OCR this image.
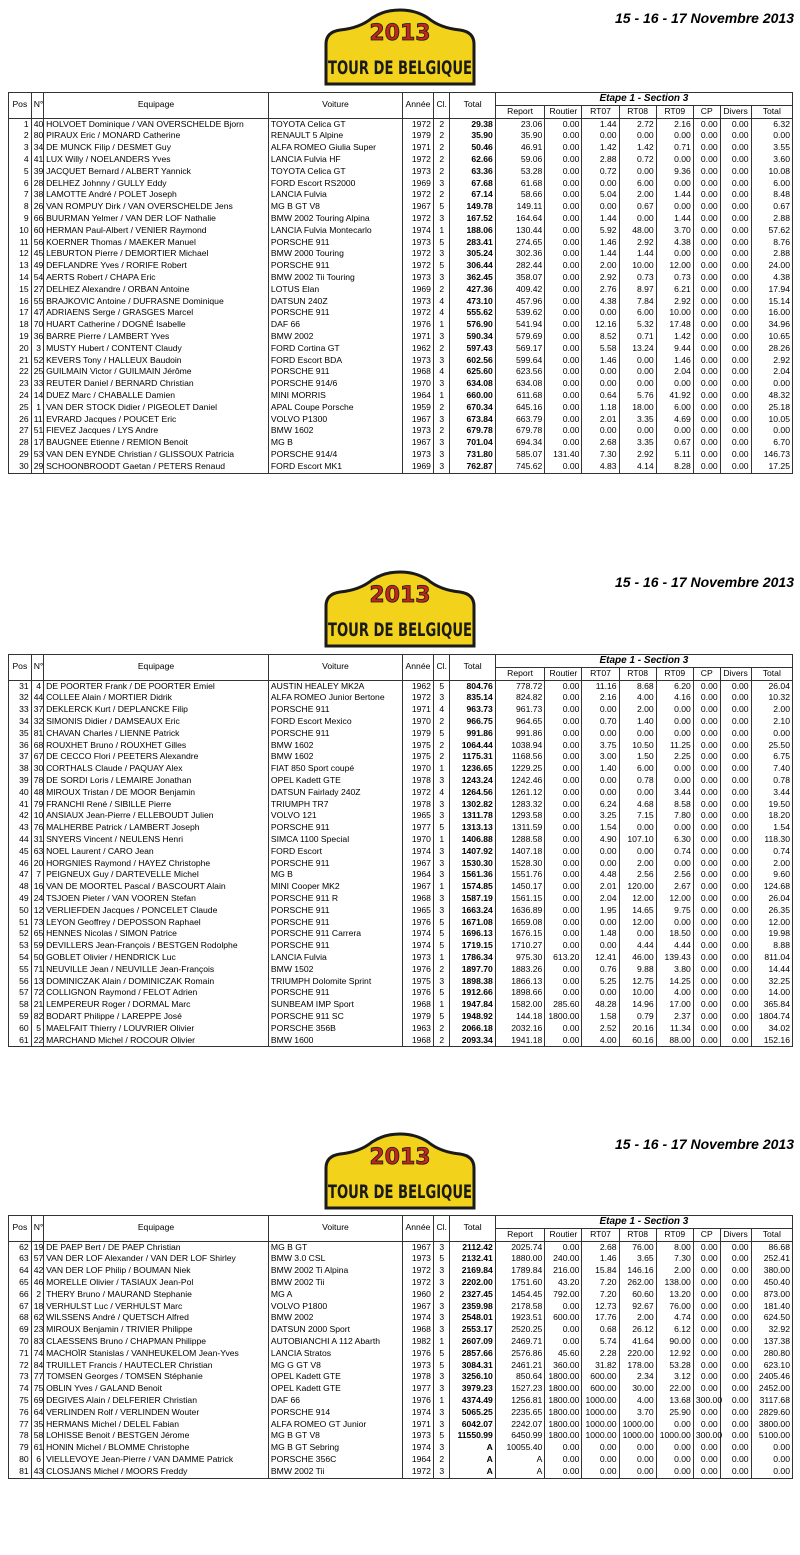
2013
TOUR DE BELGIQUE
15 - 16 - 17 Novembre 2013
Pos	N°	Equipage	Voiture	Année	Cl.	Total	Etape 1 - Section 3							
							Report	Routier	RT07	RT08	RT09	CP	Divers	Total
1	40	HOLVOET Dominique / VAN OVERSCHELDE Bjorn	TOYOTA Celica GT	1972	2	29.38	23.06	0.00	1.44	2.72	2.16	0.00	0.00	6.32
2	80	PIRAUX Eric / MONARD Catherine	RENAULT 5 Alpine	1979	2	35.90	35.90	0.00	0.00	0.00	0.00	0.00	0.00	0.00
3	34	DE MUNCK Filip / DESMET Guy	ALFA ROMEO Giulia Super	1971	2	50.46	46.91	0.00	1.42	1.42	0.71	0.00	0.00	3.55
4	41	LUX Willy / NOELANDERS Yves	LANCIA Fulvia HF	1972	2	62.66	59.06	0.00	2.88	0.72	0.00	0.00	0.00	3.60
5	39	JACQUET Bernard / ALBERT Yannick	TOYOTA Celica GT	1973	2	63.36	53.28	0.00	0.72	0.00	9.36	0.00	0.00	10.08
6	28	DELHEZ Johnny / GULLY Eddy	FORD Escort RS2000	1969	3	67.68	61.68	0.00	0.00	6.00	0.00	0.00	0.00	6.00
7	38	LAMOTTE André / POLET Joseph	LANCIA Fulvia	1972	2	67.14	58.66	0.00	5.04	2.00	1.44	0.00	0.00	8.48
8	26	VAN ROMPUY Dirk / VAN OVERSCHELDE Jens	MG B GT V8	1967	5	149.78	149.11	0.00	0.00	0.67	0.00	0.00	0.00	0.67
9	66	BUURMAN Yelmer / VAN DER LOF Nathalie	BMW 2002 Touring Alpina	1972	3	167.52	164.64	0.00	1.44	0.00	1.44	0.00	0.00	2.88
10	60	HERMAN Paul-Albert / VENIER Raymond	LANCIA Fulvia Montecarlo	1974	1	188.06	130.44	0.00	5.92	48.00	3.70	0.00	0.00	57.62
11	56	KOERNER Thomas / MAEKER Manuel	PORSCHE 911	1973	5	283.41	274.65	0.00	1.46	2.92	4.38	0.00	0.00	8.76
12	45	LEBURTON Pierre / DEMORTIER Michael	BMW 2000 Touring	1972	3	305.24	302.36	0.00	1.44	1.44	0.00	0.00	0.00	2.88
13	49	DEFLANDRE Yves / RORIFE Robert	PORSCHE 911	1972	5	306.44	282.44	0.00	2.00	10.00	12.00	0.00	0.00	24.00
14	54	AERTS Robert / CHAPA Eric	BMW 2002 Tii Touring	1973	3	362.45	358.07	0.00	2.92	0.73	0.73	0.00	0.00	4.38
15	27	DELHEZ Alexandre / ORBAN Antoine	LOTUS Elan	1969	2	427.36	409.42	0.00	2.76	8.97	6.21	0.00	0.00	17.94
16	55	BRAJKOVIC Antoine / DUFRASNE Dominique	DATSUN 240Z	1973	4	473.10	457.96	0.00	4.38	7.84	2.92	0.00	0.00	15.14
17	47	ADRIAENS Serge / GRASGES Marcel	PORSCHE 911	1972	4	555.62	539.62	0.00	0.00	6.00	10.00	0.00	0.00	16.00
18	70	HUART Catherine / DOGNÉ Isabelle	DAF 66	1976	1	576.90	541.94	0.00	12.16	5.32	17.48	0.00	0.00	34.96
19	36	BARRE Pierre / LAMBERT Yves	BMW 2002	1971	3	590.34	579.69	0.00	8.52	0.71	1.42	0.00	0.00	10.65
20	3	MUSTY Hubert / CONTENT Claudy	FORD Cortina GT	1962	2	597.43	569.17	0.00	5.58	13.24	9.44	0.00	0.00	28.26
21	52	KEVERS Tony / HALLEUX Baudoin	FORD Escort BDA	1973	3	602.56	599.64	0.00	1.46	0.00	1.46	0.00	0.00	2.92
22	25	GUILMAIN Victor / GUILMAIN Jérôme	PORSCHE 911	1968	4	625.60	623.56	0.00	0.00	0.00	2.04	0.00	0.00	2.04
23	33	REUTER Daniel / BERNARD Christian	PORSCHE 914/6	1970	3	634.08	634.08	0.00	0.00	0.00	0.00	0.00	0.00	0.00
24	14	DUEZ Marc / CHABALLE Damien	MINI MORRIS	1964	1	660.00	611.68	0.00	0.64	5.76	41.92	0.00	0.00	48.32
25	1	VAN DER STOCK Didier / PIGEOLET Daniel	APAL Coupe Porsche	1959	2	670.34	645.16	0.00	1.18	18.00	6.00	0.00	0.00	25.18
26	11	EVRARD Jacques / POUCET Eric	VOLVO P1300	1967	3	673.84	663.79	0.00	2.01	3.35	4.69	0.00	0.00	10.05
27	51	FIEVEZ Jacques / LYS Andre	BMW 1602	1973	2	679.78	679.78	0.00	0.00	0.00	0.00	0.00	0.00	0.00
28	17	BAUGNEE Etienne / REMION Benoit	MG B	1967	3	701.04	694.34	0.00	2.68	3.35	0.67	0.00	0.00	6.70
29	53	VAN DEN EYNDE Christian / GLISSOUX Patricia	PORSCHE 914/4	1973	3	731.80	585.07	131.40	7.30	2.92	5.11	0.00	0.00	146.73
30	29	SCHOONBROODT Gaetan / PETERS Renaud	FORD Escort MK1	1969	3	762.87	745.62	0.00	4.83	4.14	8.28	0.00	0.00	17.25
2013
TOUR DE BELGIQUE
15 - 16 - 17 Novembre 2013
Pos	N°	Equipage	Voiture	Année	Cl.	Total	Etape 1 - Section 3							
							Report	Routier	RT07	RT08	RT09	CP	Divers	Total
31	4	DE POORTER Frank / DE POORTER Emiel	AUSTIN HEALEY MK2A	1962	5	804.76	778.72	0.00	11.16	8.68	6.20	0.00	0.00	26.04
32	44	COLLEE Alain / MORTIER Didrik	ALFA ROMEO Junior Bertone	1972	3	835.14	824.82	0.00	2.16	4.00	4.16	0.00	0.00	10.32
33	37	DEKLERCK Kurt / DEPLANCKE Filip	PORSCHE 911	1971	4	963.73	961.73	0.00	0.00	2.00	0.00	0.00	0.00	2.00
34	32	SIMONIS Didier / DAMSEAUX Eric	FORD Escort Mexico	1970	2	966.75	964.65	0.00	0.70	1.40	0.00	0.00	0.00	2.10
35	81	CHAVAN Charles / LIENNE Patrick	PORSCHE 911	1979	5	991.86	991.86	0.00	0.00	0.00	0.00	0.00	0.00	0.00
36	68	ROUXHET Bruno / ROUXHET Gilles	BMW 1602	1975	2	1064.44	1038.94	0.00	3.75	10.50	11.25	0.00	0.00	25.50
37	67	DE CECCO Flori / PEETERS Alexandre	BMW 1602	1975	2	1175.31	1168.56	0.00	3.00	1.50	2.25	0.00	0.00	6.75
38	30	CORTHALS Claude / PAQUAY Alex	FIAT 850 Sport coupé	1970	1	1236.65	1229.25	0.00	1.40	6.00	0.00	0.00	0.00	7.40
39	78	DE SORDI Loris / LEMAIRE Jonathan	OPEL Kadett GTE	1978	3	1243.24	1242.46	0.00	0.00	0.78	0.00	0.00	0.00	0.78
40	48	MIROUX Tristan / DE MOOR Benjamin	DATSUN Fairlady 240Z	1972	4	1264.56	1261.12	0.00	0.00	0.00	3.44	0.00	0.00	3.44
41	79	FRANCHI René / SIBILLE Pierre	TRIUMPH TR7	1978	3	1302.82	1283.32	0.00	6.24	4.68	8.58	0.00	0.00	19.50
42	10	ANSIAUX Jean-Pierre / ELLEBOUDT Julien	VOLVO 121	1965	3	1311.78	1293.58	0.00	3.25	7.15	7.80	0.00	0.00	18.20
43	76	MALHERBE Patrick / LAMBERT Joseph	PORSCHE 911	1977	5	1313.13	1311.59	0.00	1.54	0.00	0.00	0.00	0.00	1.54
44	31	SNYERS Vincent / NEULENS Henri	SIMCA 1100 Special	1970	1	1406.88	1288.58	0.00	4.90	107.10	6.30	0.00	0.00	118.30
45	63	NOEL Laurent / CARO Jean	FORD Escort	1974	3	1407.92	1407.18	0.00	0.00	0.00	0.74	0.00	0.00	0.74
46	20	HORGNIES Raymond / HAYEZ Christophe	PORSCHE 911	1967	3	1530.30	1528.30	0.00	0.00	2.00	0.00	0.00	0.00	2.00
47	7	PEIGNEUX Guy / DARTEVELLE Michel	MG B	1964	3	1561.36	1551.76	0.00	4.48	2.56	2.56	0.00	0.00	9.60
48	16	VAN DE MOORTEL Pascal / BASCOURT Alain	MINI Cooper MK2	1967	1	1574.85	1450.17	0.00	2.01	120.00	2.67	0.00	0.00	124.68
49	24	TSJOEN Pieter / VAN VOOREN Stefan	PORSCHE 911 R	1968	3	1587.19	1561.15	0.00	2.04	12.00	12.00	0.00	0.00	26.04
50	12	VERLIEFDEN Jacques / PONCELET Claude	PORSCHE 911	1965	3	1663.24	1636.89	0.00	1.95	14.65	9.75	0.00	0.00	26.35
51	73	LEYON Geoffrey / DEPOSSON Raphael	PORSCHE 911	1976	5	1671.08	1659.08	0.00	0.00	12.00	0.00	0.00	0.00	12.00
52	65	HENNES Nicolas / SIMON Patrice	PORSCHE 911 Carrera	1974	5	1696.13	1676.15	0.00	1.48	0.00	18.50	0.00	0.00	19.98
53	59	DEVILLERS Jean-François / BESTGEN Rodolphe	PORSCHE 911	1974	5	1719.15	1710.27	0.00	0.00	4.44	4.44	0.00	0.00	8.88
54	50	GOBLET Olivier / HENDRICK Luc	LANCIA Fulvia	1973	1	1786.34	975.30	613.20	12.41	46.00	139.43	0.00	0.00	811.04
55	71	NEUVILLE Jean / NEUVILLE Jean-François	BMW 1502	1976	2	1897.70	1883.26	0.00	0.76	9.88	3.80	0.00	0.00	14.44
56	13	DOMINICZAK Alain / DOMINICZAK Romain	TRIUMPH Dolomite Sprint	1975	3	1898.38	1866.13	0.00	5.25	12.75	14.25	0.00	0.00	32.25
57	72	COLLIGNON Raymond / FELOT Adrien	PORSCHE 911	1976	5	1912.66	1898.66	0.00	0.00	10.00	4.00	0.00	0.00	14.00
58	21	LEMPEREUR Roger / DORMAL Marc	SUNBEAM IMP Sport	1968	1	1947.84	1582.00	285.60	48.28	14.96	17.00	0.00	0.00	365.84
59	82	BODART Philippe / LAREPPE José	PORSCHE 911 SC	1979	5	1948.92	144.18	1800.00	1.58	0.79	2.37	0.00	0.00	1804.74
60	5	MAELFAIT Thierry / LOUVRIER Olivier	PORSCHE 356B	1963	2	2066.18	2032.16	0.00	2.52	20.16	11.34	0.00	0.00	34.02
61	22	MARCHAND Michel / ROCOUR Olivier	BMW 1600	1968	2	2093.34	1941.18	0.00	4.00	60.16	88.00	0.00	0.00	152.16
2013
TOUR DE BELGIQUE
15 - 16 - 17 Novembre 2013
Pos	N°	Equipage	Voiture	Année	Cl.	Total	Etape 1 - Section 3							
							Report	Routier	RT07	RT08	RT09	CP	Divers	Total
62	19	DE PAEP Bert / DE PAEP Christian	MG B GT	1967	3	2112.42	2025.74	0.00	2.68	76.00	8.00	0.00	0.00	86.68
63	57	VAN DER LOF Alexander / VAN DER LOF Shirley	BMW 3.0 CSL	1973	5	2132.41	1880.00	240.00	1.46	3.65	7.30	0.00	0.00	252.41
64	42	VAN DER LOF Philip / BOUMAN Niek	BMW 2002 Ti Alpina	1972	3	2169.84	1789.84	216.00	15.84	146.16	2.00	0.00	0.00	380.00
65	46	MORELLE Olivier / TASIAUX Jean-Pol	BMW 2002 Tii	1972	3	2202.00	1751.60	43.20	7.20	262.00	138.00	0.00	0.00	450.40
66	2	THERY Bruno / MAURAND Stephanie	MG A	1960	2	2327.45	1454.45	792.00	7.20	60.60	13.20	0.00	0.00	873.00
67	18	VERHULST Luc / VERHULST Marc	VOLVO P1800	1967	3	2359.98	2178.58	0.00	12.73	92.67	76.00	0.00	0.00	181.40
68	62	WILSSENS André / QUETSCH Alfred	BMW 2002	1974	3	2548.01	1923.51	600.00	17.76	2.00	4.74	0.00	0.00	624.50
69	23	MIROUX Benjamin / TRIVIER Philippe	DATSUN 2000 Sport	1968	3	2553.17	2520.25	0.00	0.68	26.12	6.12	0.00	0.00	32.92
70	83	CLAESSENS Bruno / CHAPMAN Philippe	AUTOBIANCHI A 112 Abarth	1982	1	2607.09	2469.71	0.00	5.74	41.64	90.00	0.00	0.00	137.38
71	74	MACHOÏR Stanislas / VANHEUKELOM Jean-Yves	LANCIA Stratos	1976	5	2857.66	2576.86	45.60	2.28	220.00	12.92	0.00	0.00	280.80
72	84	TRUILLET Francis / HAUTECLER Christian	MG G GT V8	1973	5	3084.31	2461.21	360.00	31.82	178.00	53.28	0.00	0.00	623.10
73	77	TOMSEN Georges / TOMSEN Stéphanie	OPEL Kadett GTE	1978	3	3256.10	850.64	1800.00	600.00	2.34	3.12	0.00	0.00	2405.46
74	75	OBLIN Yves / GALAND Benoit	OPEL Kadett GTE	1977	3	3979.23	1527.23	1800.00	600.00	30.00	22.00	0.00	0.00	2452.00
75	69	DEGIVES Alain / DELFERIER Christian	DAF 66	1976	1	4374.49	1256.81	1800.00	1000.00	4.00	13.68	300.00	0.00	3117.68
76	64	VERLINDEN Rolf / VERLINDEN Wouter	PORSCHE 914	1974	3	5065.25	2235.65	1800.00	1000.00	3.70	25.90	0.00	0.00	2829.60
77	35	HERMANS Michel / DELEL Fabian	ALFA ROMEO GT Junior	1971	3	6042.07	2242.07	1800.00	1000.00	1000.00	0.00	0.00	0.00	3800.00
78	58	LOHISSE Benoit / BESTGEN Jérome	MG B GT V8	1973	5	11550.99	6450.99	1800.00	1000.00	1000.00	1000.00	300.00	0.00	5100.00
79	61	HONIN Michel / BLOMME Christophe	MG B GT Sebring	1974	3	A	10055.40	0.00	0.00	0.00	0.00	0.00	0.00	0.00
80	6	VIELLEVOYE Jean-Pierre / VAN DAMME Patrick	PORSCHE 356C	1964	2	A	A	0.00	0.00	0.00	0.00	0.00	0.00	0.00
81	43	CLOSJANS Michel / MOORS Freddy	BMW 2002 Tii	1972	3	A	A	0.00	0.00	0.00	0.00	0.00	0.00	0.00
